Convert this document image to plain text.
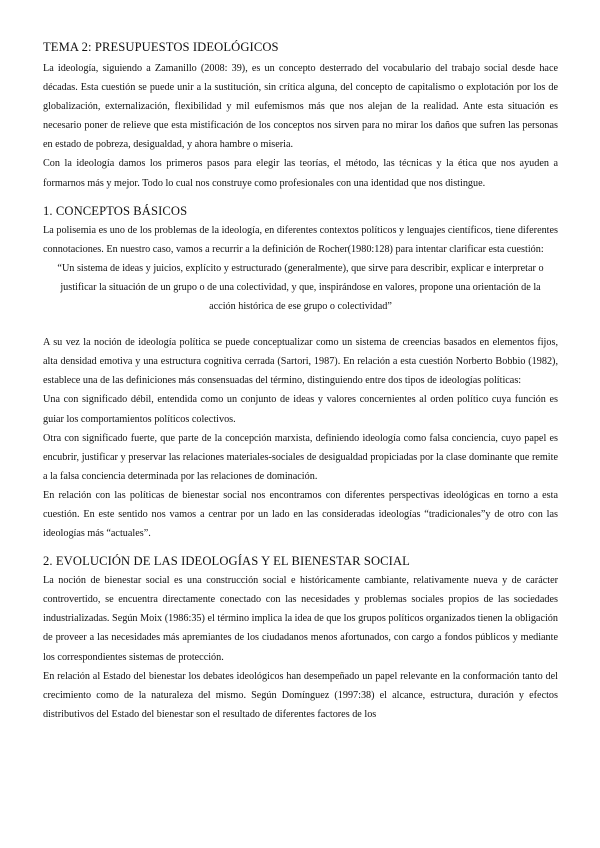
TEMA 2: PRESUPUESTOS IDEOLÓGICOS

La ideología, siguiendo a Zamanillo (2008: 39), es un concepto desterrado del vocabulario del trabajo social desde hace décadas. Esta cuestión se puede unir a la sustitución, sin crítica alguna, del concepto de capitalismo o explotación por los de globalización, externalización, flexibilidad y mil eufemismos más que nos alejan de la realidad. Ante esta situación es necesario poner de relieve que esta mistificación de los conceptos nos sirven para no mirar los daños que sufren las personas en estado de pobreza, desigualdad, y ahora hambre o miseria.

Con la ideología damos los primeros pasos para elegir las teorías, el método, las técnicas y la ética que nos ayuden a formarnos más y mejor. Todo lo cual nos construye como profesionales con una identidad que nos distingue.

1. CONCEPTOS BÁSICOS

La polisemia es uno de los problemas de la ideología, en diferentes contextos políticos y lenguajes científicos, tiene diferentes connotaciones. En nuestro caso, vamos a recurrir a la definición de Rocher(1980:128) para intentar clarificar esta cuestión:

“Un sistema de ideas y juicios, explícito y estructurado (generalmente), que sirve para describir, explicar e interpretar o justificar la situación de un grupo o de una colectividad, y que, inspirándose en valores, propone una orientación de la acción histórica de ese grupo o colectividad”

A su vez la noción de ideología política se puede conceptualizar como un sistema de creencias basados en elementos fijos, alta densidad emotiva y una estructura cognitiva cerrada (Sartori, 1987). En relación a esta cuestión Norberto Bobbio (1982), establece una de las definiciones más consensuadas del término, distinguiendo entre dos tipos de ideologías políticas:

Una con significado débil, entendida como un conjunto de ideas y valores concernientes al orden político cuya función es guiar los comportamientos políticos colectivos.

Otra con significado fuerte, que parte de la concepción marxista, definiendo ideología como falsa conciencia, cuyo papel es encubrir, justificar y preservar las relaciones materiales-sociales de desigualdad propiciadas por la clase dominante que remite a la falsa conciencia determinada por las relaciones de dominación.

En relación con las políticas de bienestar social nos encontramos con diferentes perspectivas ideológicas en torno a esta cuestión. En este sentido nos vamos a centrar por un lado en las consideradas ideologías “tradicionales”y de otro con las ideologías más “actuales”.

2. EVOLUCIÓN DE LAS IDEOLOGÍAS Y EL BIENESTAR SOCIAL

La noción de bienestar social es una construcción social e históricamente cambiante, relativamente nueva y de carácter controvertido, se encuentra directamente conectado con las necesidades y problemas sociales propios de las sociedades industrializadas. Según Moix (1986:35) el término implica la idea de que los grupos políticos organizados tienen la obligación de proveer a las necesidades más apremiantes de los ciudadanos menos afortunados, con cargo a fondos públicos y mediante los correspondientes sistemas de protección.

En relación al Estado del bienestar los debates ideológicos han desempeñado un papel relevante en la conformación tanto del crecimiento como de la naturaleza del mismo. Según Domínguez (1997:38) el alcance, estructura, duración y efectos distributivos del Estado del bienestar son el resultado de diferentes factores de los
